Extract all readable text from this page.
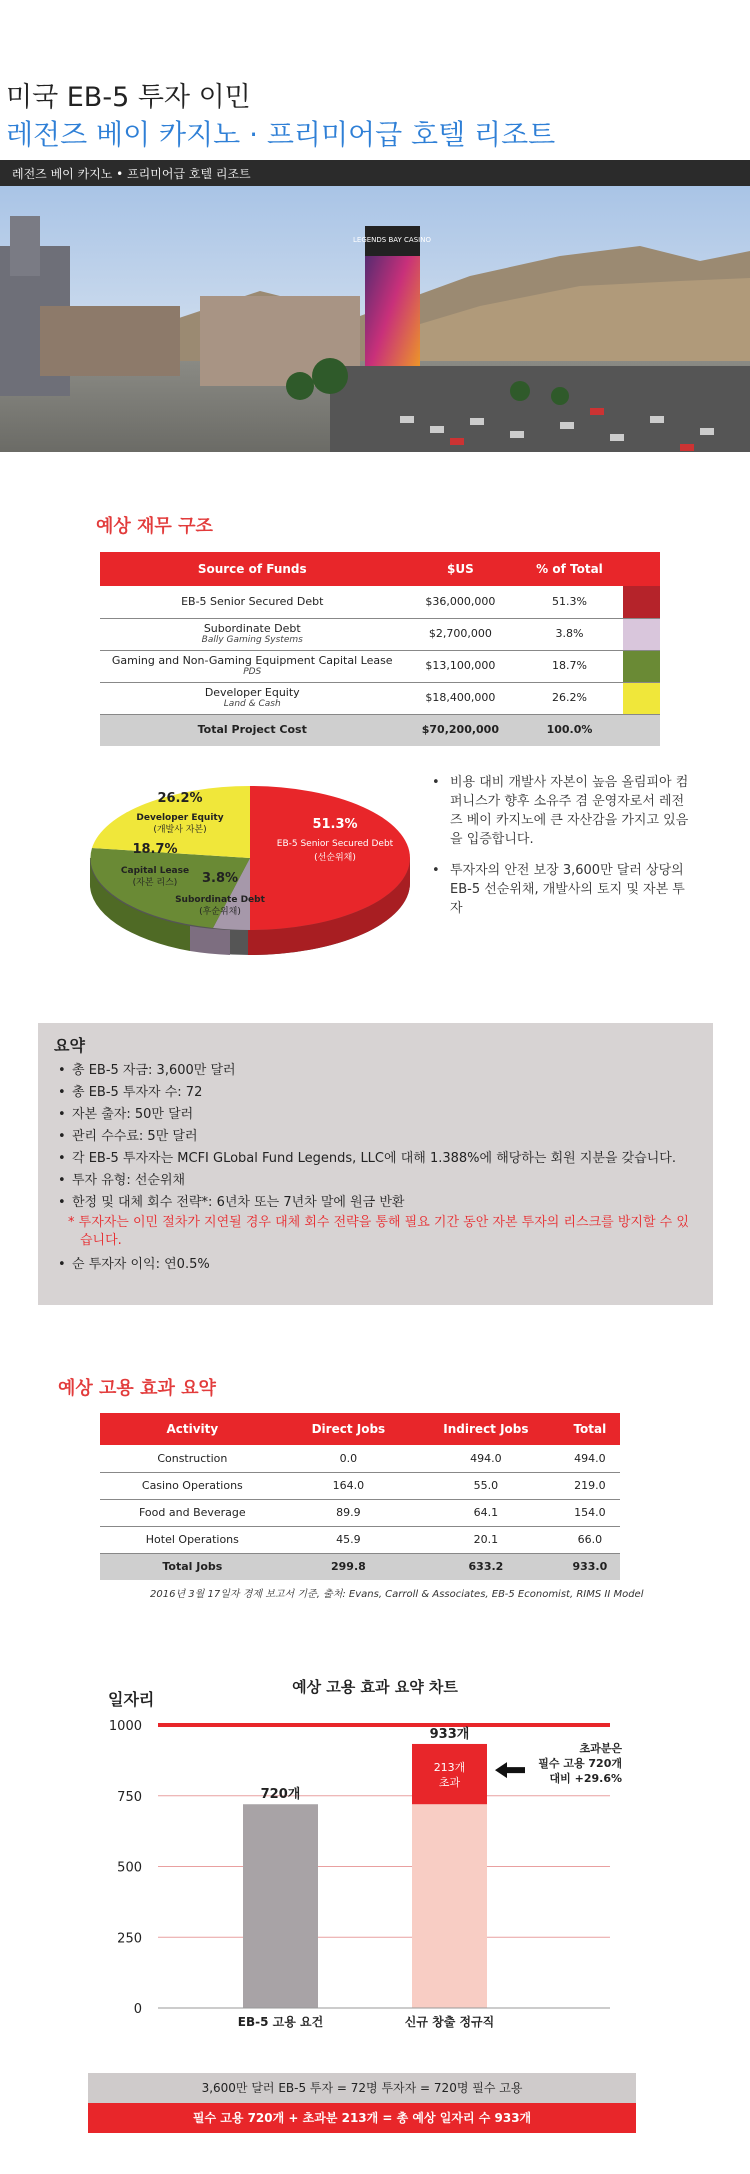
미국 EB-5 투자 이민
레전즈 베이 카지노 · 프리미어급 호텔 리조트
레전즈 베이 카지노 • 프리미어급 호텔 리조트
LEGENDS BAY CASINO
예상 재무 구조
Source of Funds	$US	% of Total	
EB-5 Senior Secured Debt	$36,000,000	51.3%	
Subordinate Debt
Bally Gaming Systems	$2,700,000	3.8%	
Gaming and Non-Gaming Equipment Capital Lease
PDS	$13,100,000	18.7%	
Developer Equity
Land & Cash	$18,400,000	26.2%	
Total Project Cost	$70,200,000	100.0%	
51.3%
EB-5 Senior Secured Debt
(선순위채)
26.2%
Developer Equity
(개발사 자본)
18.7%
Capital Lease
(자본 리스) 3.8%
Subordinate Debt
(후순위채)
• 비용 대비 개발사 자본이 높음 올림피아 컴퍼니스가 향후 소유주 겸 운영자로서 레전즈 베이 카지노에 큰 자산감을 가지고 있음을 입증합니다.
• 투자자의 안전 보장 3,600만 달러 상당의 EB-5 선순위채, 개발사의 토지 및 자본 투자
요약
• 총 EB-5 자금: 3,600만 달러
• 총 EB-5 투자자 수: 72
• 자본 출자: 50만 달러
• 관리 수수료: 5만 달러
• 각 EB-5 투자자는 MCFI GLobal Fund Legends, LLC에 대해 1.388%에 해당하는 회원 지분을 갖습니다.
• 투자 유형: 선순위채
• 한정 및 대체 회수 전략*: 6년차 또는 7년차 말에 원금 반환

* 투자자는 이민 절차가 지연될 경우 대체 회수 전략을 통해 필요 기간 동안 자본 투자의 리스크를 방지할 수 있습니다.

• 순 투자자 이익: 연0.5%
예상 고용 효과 요약
Activity	Direct Jobs	Indirect Jobs	Total
Construction	0.0	494.0	494.0
Casino Operations	164.0	55.0	219.0
Food and Beverage	89.9	64.1	154.0
Hotel Operations	45.9	20.1	66.0
Total Jobs	299.8	633.2	933.0
2016년 3월 17일자 경제 보고서 기준, 출처: Evans, Carroll & Associates, EB-5 Economist, RIMS II Model
예상 고용 효과 요약 차트
일자리
0
250
500
750
1000
720개
933개
213개
초과
EB-5 고용 요건	신규 창출 정규직
초과분은
필수 고용 720개
대비 +29.6%
3,600만 달러 EB-5 투자 = 72명 투자자 = 720명 필수 고용
필수 고용 720개 + 초과분 213개 = 총 예상 일자리 수 933개
